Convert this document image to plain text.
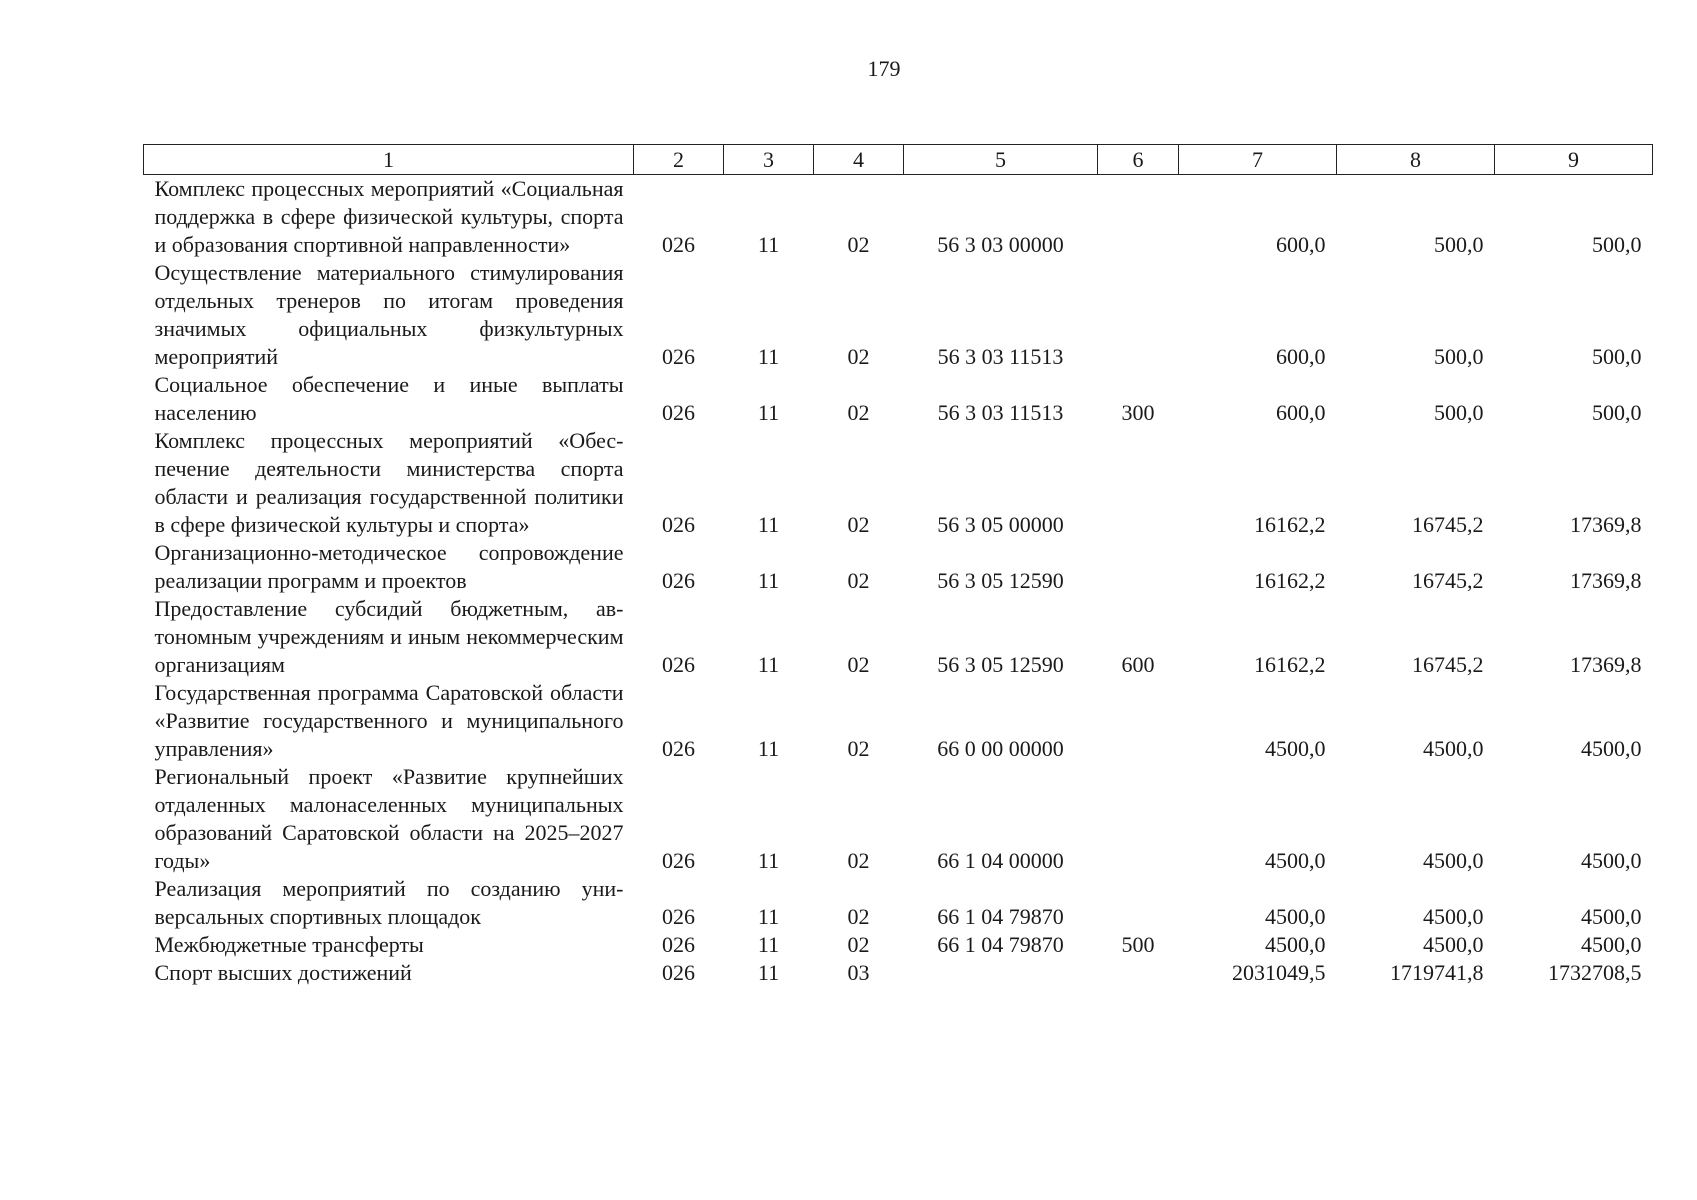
179
1	2	3	4	5	6	7	8	9
Комплекс процессных мероприятий «Социальная поддержка в сфере физической культуры, спорта и образования спортивной направленности»	026	11	02	56 3 03 00000		600,0	500,0	500,0
Осуществление материального стимулирования отдельных тренеров по итогам проведения значимых официальных физкультурных мероприятий	026	11	02	56 3 03 11513		600,0	500,0	500,0
Социальное обеспечение и иные выплаты населению	026	11	02	56 3 03 11513	300	600,0	500,0	500,0
Комплекс процессных мероприятий «Обеспечение деятельности министерства спорта области и реализация государственной политики в сфере физической культуры и спорта»	026	11	02	56 3 05 00000		16162,2	16745,2	17369,8
Организационно-методическое сопровождение реализации программ и проектов	026	11	02	56 3 05 12590		16162,2	16745,2	17369,8
Предоставление субсидий бюджетным, автономным учреждениям и иным некоммерческим организациям	026	11	02	56 3 05 12590	600	16162,2	16745,2	17369,8
Государственная программа Саратовской области «Развитие государственного и муниципального управления»	026	11	02	66 0 00 00000		4500,0	4500,0	4500,0
Региональный проект «Развитие крупнейших отдаленных малонаселенных муниципальных образований Саратовской области на 2025–2027 годы»	026	11	02	66 1 04 00000		4500,0	4500,0	4500,0
Реализация мероприятий по созданию универсальных спортивных площадок	026	11	02	66 1 04 79870		4500,0	4500,0	4500,0
Межбюджетные трансферты	026	11	02	66 1 04 79870	500	4500,0	4500,0	4500,0
Спорт высших достижений	026	11	03			2031049,5	1719741,8	1732708,5
